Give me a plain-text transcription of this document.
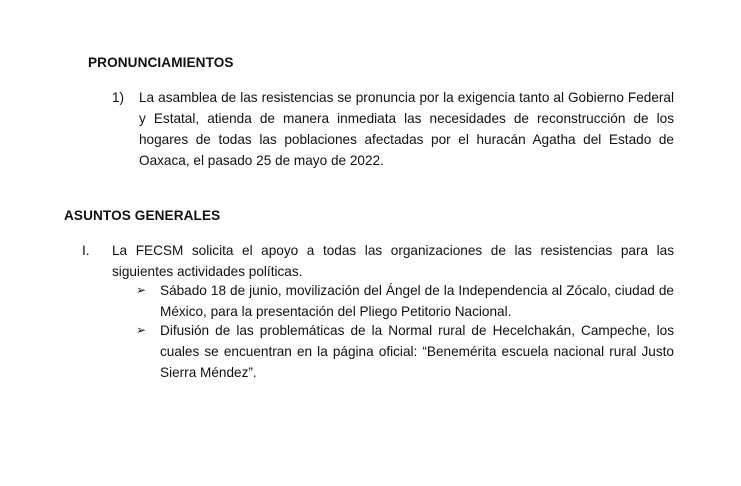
PRONUNCIAMIENTOS
1) La asamblea de las resistencias se pronuncia por la exigencia tanto al Gobierno Federal y Estatal, atienda de manera inmediata las necesidades de reconstrucción de los hogares de todas las poblaciones afectadas por el huracán Agatha del Estado de Oaxaca, el pasado 25 de mayo de 2022.
ASUNTOS GENERALES
I. La FECSM solicita el apoyo a todas las organizaciones de las resistencias para las siguientes actividades políticas.
➢ Sábado 18 de junio, movilización del Ángel de la Independencia al Zócalo, ciudad de México, para la presentación del Pliego Petitorio Nacional.
➢ Difusión de las problemáticas de la Normal rural de Hecelchakán, Campeche, los cuales se encuentran en la página oficial: “Benemérita escuela nacional rural Justo Sierra Méndez”.
